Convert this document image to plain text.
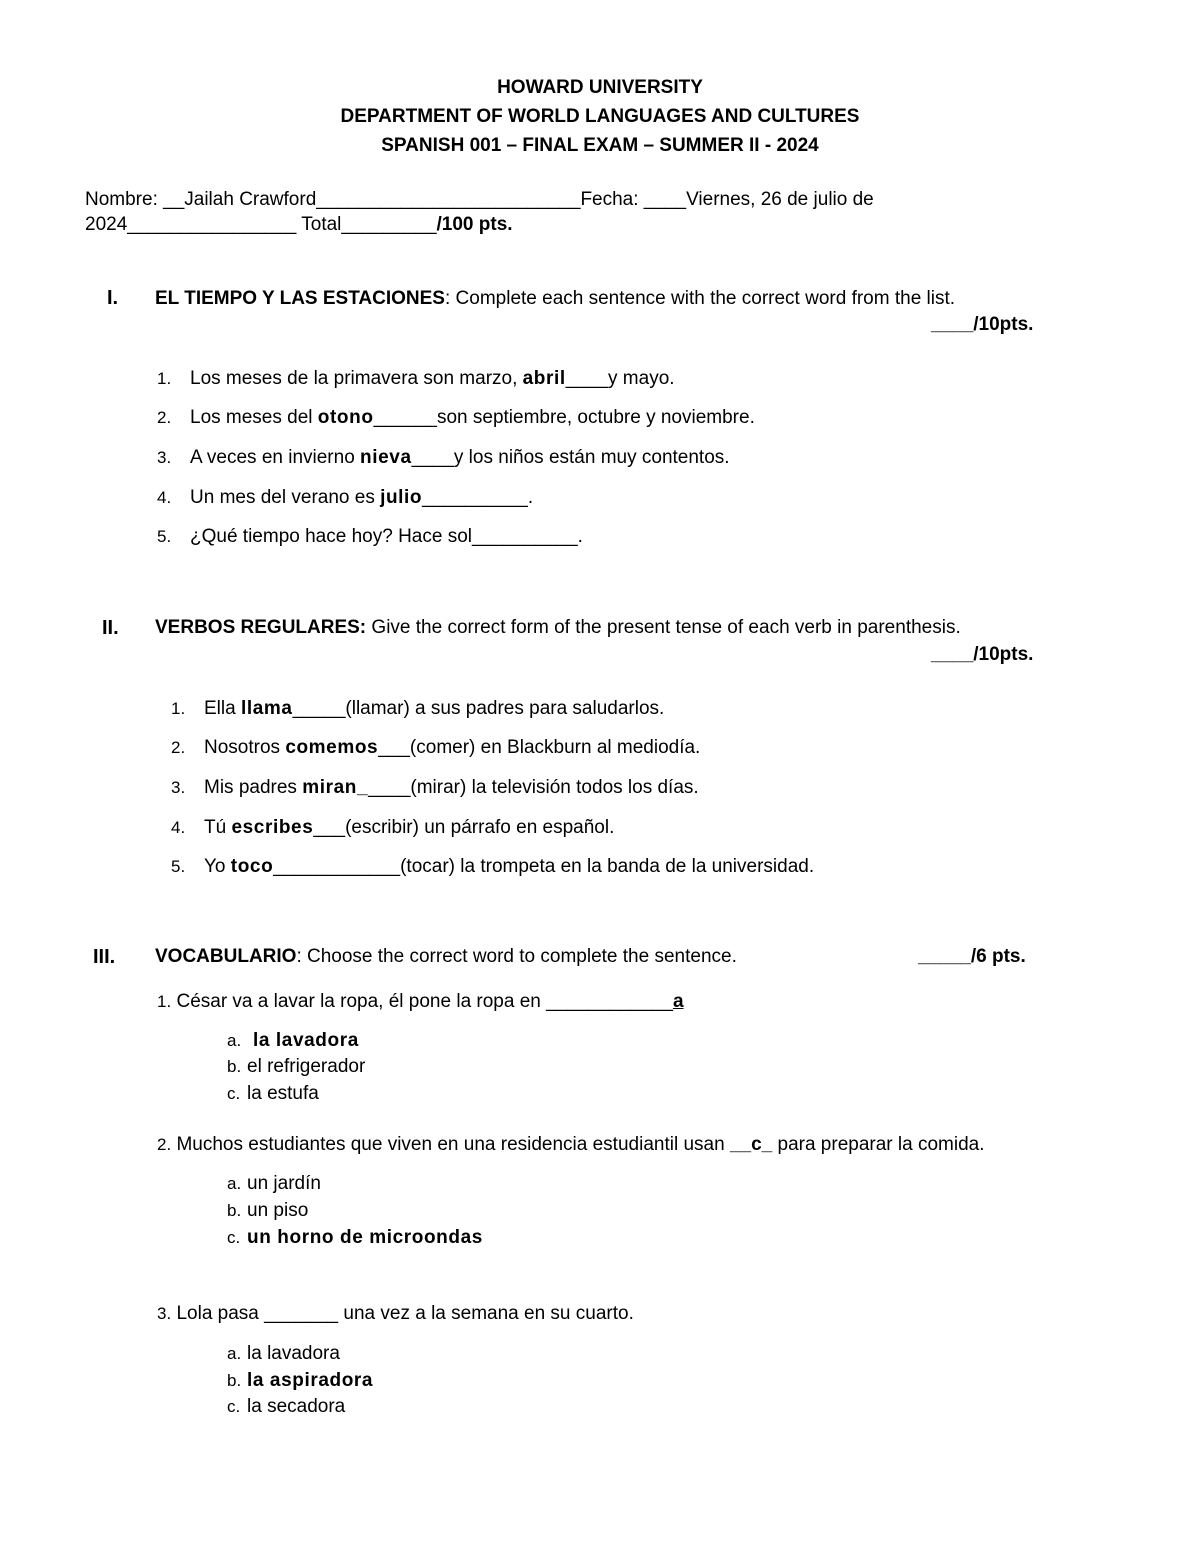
HOWARD UNIVERSITY
DEPARTMENT OF WORLD LANGUAGES AND CULTURES
SPANISH 001 – FINAL EXAM – SUMMER II - 2024
Nombre: __Jailah Crawford_________________________Fecha: ____Viernes, 26 de julio de
2024________________ Total_________/100 pts.
I. EL TIEMPO Y LAS ESTACIONES: Complete each sentence with the correct word from the list.
____/10pts.
1. Los meses de la primavera son marzo, abril____y mayo.
2. Los meses del otono______son septiembre, octubre y noviembre.
3. A veces en invierno nieva____y los niños están muy contentos.
4. Un mes del verano es julio__________.
5. ¿Qué tiempo hace hoy? Hace sol__________.
II. VERBOS REGULARES: Give the correct form of the present tense of each verb in parenthesis.
____/10pts.
1. Ella llama_____(llamar) a sus padres para saludarlos.
2. Nosotros comemos___(comer) en Blackburn al mediodía.
3. Mis padres miran_____(mirar) la televisión todos los días.
4. Tú escribes___(escribir) un párrafo en español.
5. Yo toco____________(tocar) la trompeta en la banda de la universidad.
III. VOCABULARIO: Choose the correct word to complete the sentence.	_____/6 pts.
1. César va a lavar la ropa, él pone la ropa en ____________a
a. la lavadora
b. el refrigerador
c. la estufa
2. Muchos estudiantes que viven en una residencia estudiantil usan __c_ para preparar la comida.
a. un jardín
b. un piso
c. un horno de microondas
3. Lola pasa _______ una vez a la semana en su cuarto.
a. la lavadora
b. la aspiradora
c. la secadora
